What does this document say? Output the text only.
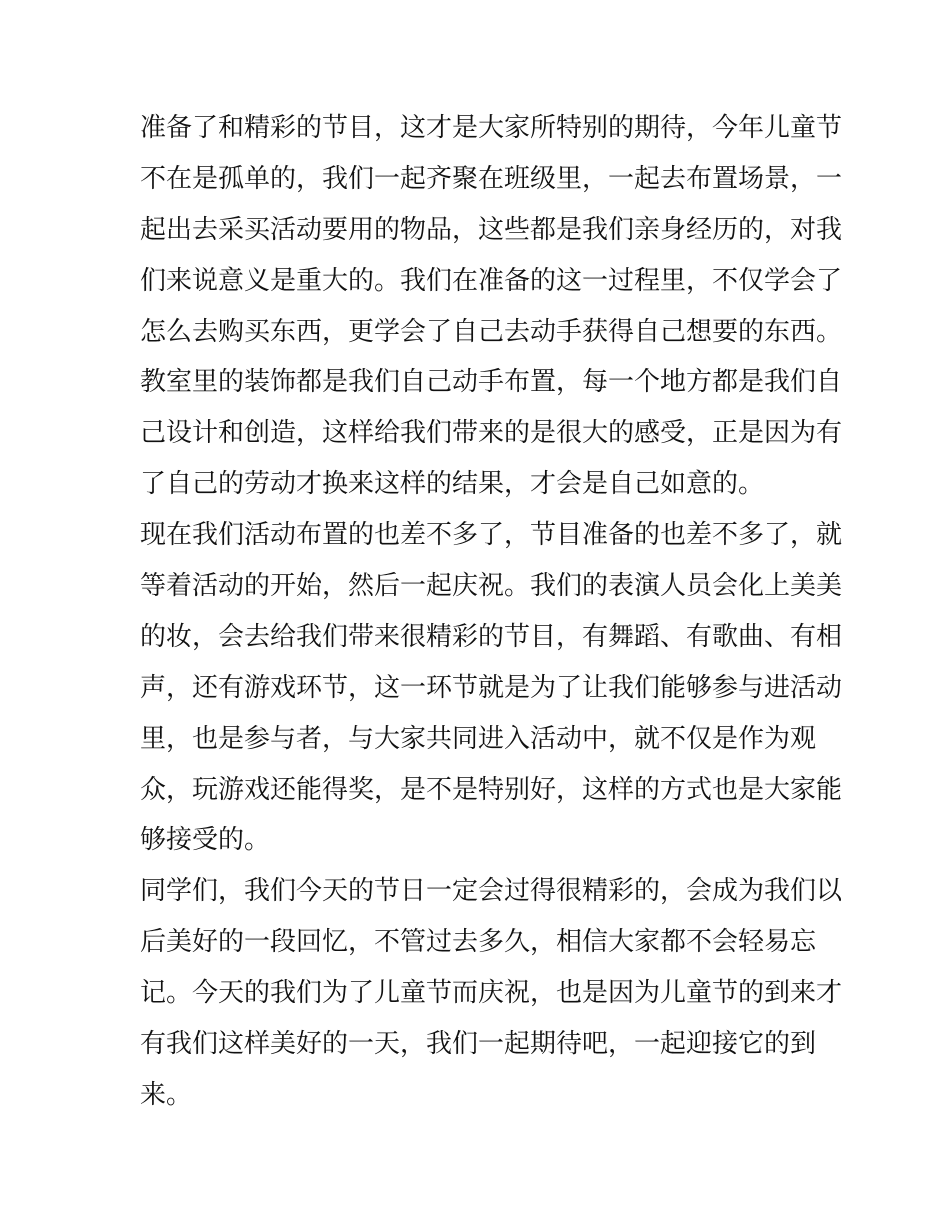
准备了和精彩的节目，这才是大家所特别的期待，今年儿童节
不在是孤单的，我们一起齐聚在班级里，一起去布置场景，一
起出去采买活动要用的物品，这些都是我们亲身经历的，对我
们来说意义是重大的。我们在准备的这一过程里，不仅学会了
怎么去购买东西，更学会了自己去动手获得自己想要的东西。
教室里的装饰都是我们自己动手布置，每一个地方都是我们自
己设计和创造，这样给我们带来的是很大的感受，正是因为有
了自己的劳动才换来这样的结果，才会是自己如意的。
现在我们活动布置的也差不多了，节目准备的也差不多了，就
等着活动的开始，然后一起庆祝。我们的表演人员会化上美美
的妆，会去给我们带来很精彩的节目，有舞蹈、有歌曲、有相
声，还有游戏环节，这一环节就是为了让我们能够参与进活动
里，也是参与者，与大家共同进入活动中，就不仅是作为观
众，玩游戏还能得奖，是不是特别好，这样的方式也是大家能
够接受的。
同学们，我们今天的节日一定会过得很精彩的，会成为我们以
后美好的一段回忆，不管过去多久，相信大家都不会轻易忘
记。今天的我们为了儿童节而庆祝，也是因为儿童节的到来才
有我们这样美好的一天，我们一起期待吧，一起迎接它的到
来。
